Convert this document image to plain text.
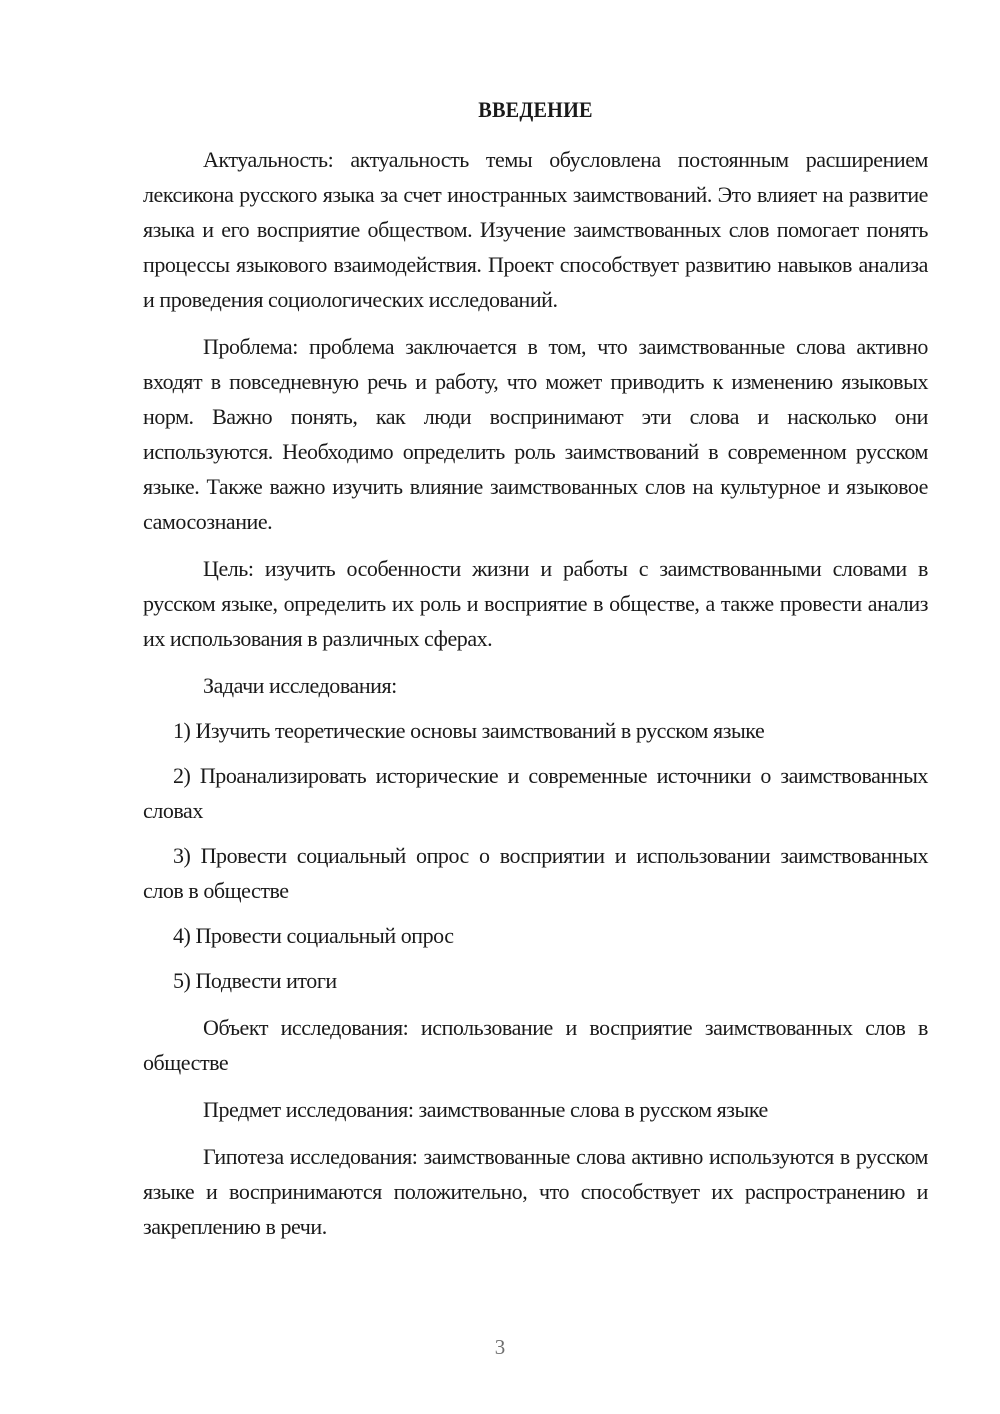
ВВЕДЕНИЕ

Актуальность: актуальность темы обусловлена постоянным расширением лексикона русского языка за счет иностранных заимствований. Это влияет на развитие языка и его восприятие обществом. Изучение заимствованных слов помогает понять процессы языкового взаимодействия. Проект способствует развитию навыков анализа и проведения социологических исследований.

Проблема: проблема заключается в том, что заимствованные слова активно входят в повседневную речь и работу, что может приводить к изменению языковых норм. Важно понять, как люди воспринимают эти слова и насколько они используются. Необходимо определить роль заимствований в современном русском языке. Также важно изучить влияние заимствованных слов на культурное и языковое самосознание.

Цель: изучить особенности жизни и работы с заимствованными словами в русском языке, определить их роль и восприятие в обществе, а также провести анализ их использования в различных сферах.

Задачи исследования:

1) Изучить теоретические основы заимствований в русском языке

2) Проанализировать исторические и современные источники о заимствованных словах

3) Провести социальный опрос о восприятии и использовании заимствованных слов в обществе

4) Провести социальный опрос

5) Подвести итоги

Объект исследования: использование и восприятие заимствованных слов в обществе

Предмет исследования: заимствованные слова в русском языке

Гипотеза исследования: заимствованные слова активно используются в русском языке и воспринимаются положительно, что способствует их распространению и закреплению в речи.

3
